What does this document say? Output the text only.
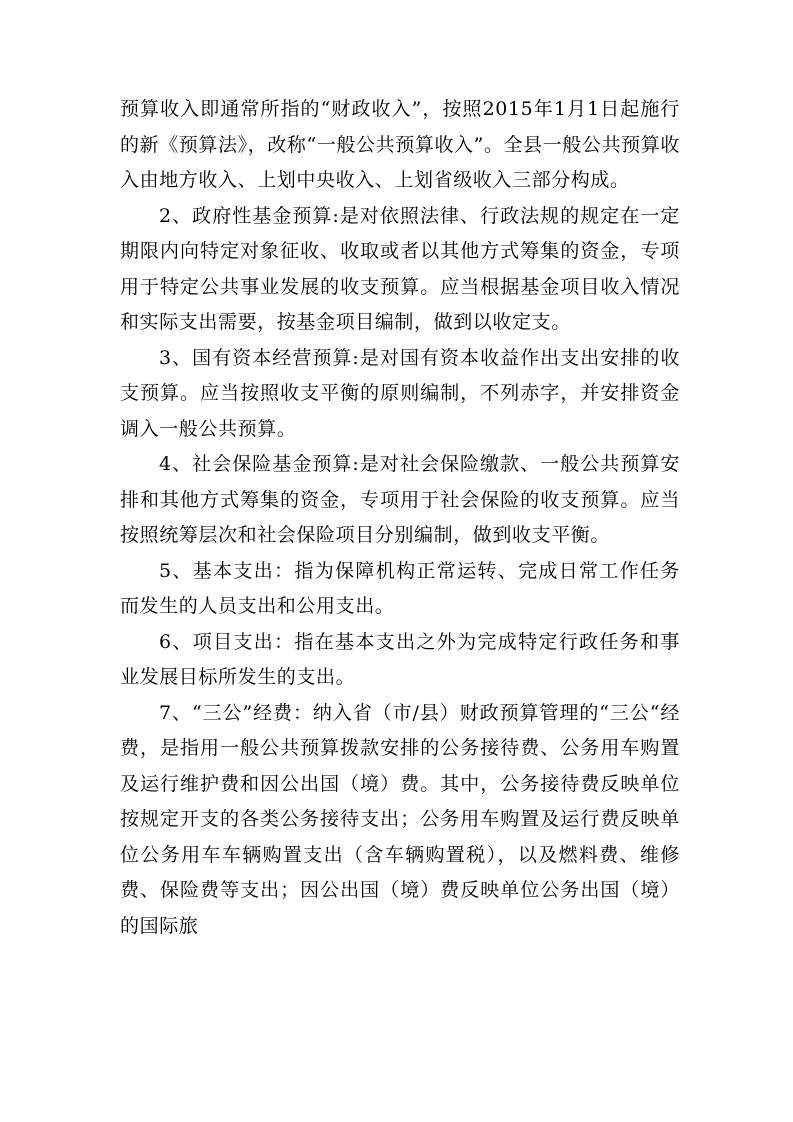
预算收入即通常所指的“财政收入”，按照2015年1月1日起施行的新《预算法》，改称“一般公共预算收入”。全县一般公共预算收入由地方收入、上划中央收入、上划省级收入三部分构成。

2、政府性基金预算:是对依照法律、行政法规的规定在一定期限内向特定对象征收、收取或者以其他方式筹集的资金，专项用于特定公共事业发展的收支预算。应当根据基金项目收入情况和实际支出需要，按基金项目编制，做到以收定支。

3、国有资本经营预算:是对国有资本收益作出支出安排的收支预算。应当按照收支平衡的原则编制，不列赤字，并安排资金调入一般公共预算。

4、社会保险基金预算:是对社会保险缴款、一般公共预算安排和其他方式筹集的资金，专项用于社会保险的收支预算。应当按照统筹层次和社会保险项目分别编制，做到收支平衡。

5、基本支出：指为保障机构正常运转、完成日常工作任务而发生的人员支出和公用支出。

6、项目支出：指在基本支出之外为完成特定行政任务和事业发展目标所发生的支出。

7、“三公”经费：纳入省（市/县）财政预算管理的“三公“经费，是指用一般公共预算拨款安排的公务接待费、公务用车购置及运行维护费和因公出国（境）费。其中，公务接待费反映单位按规定开支的各类公务接待支出；公务用车购置及运行费反映单位公务用车车辆购置支出（含车辆购置税），以及燃料费、维修费、保险费等支出；因公出国（境）费反映单位公务出国（境）的国际旅
